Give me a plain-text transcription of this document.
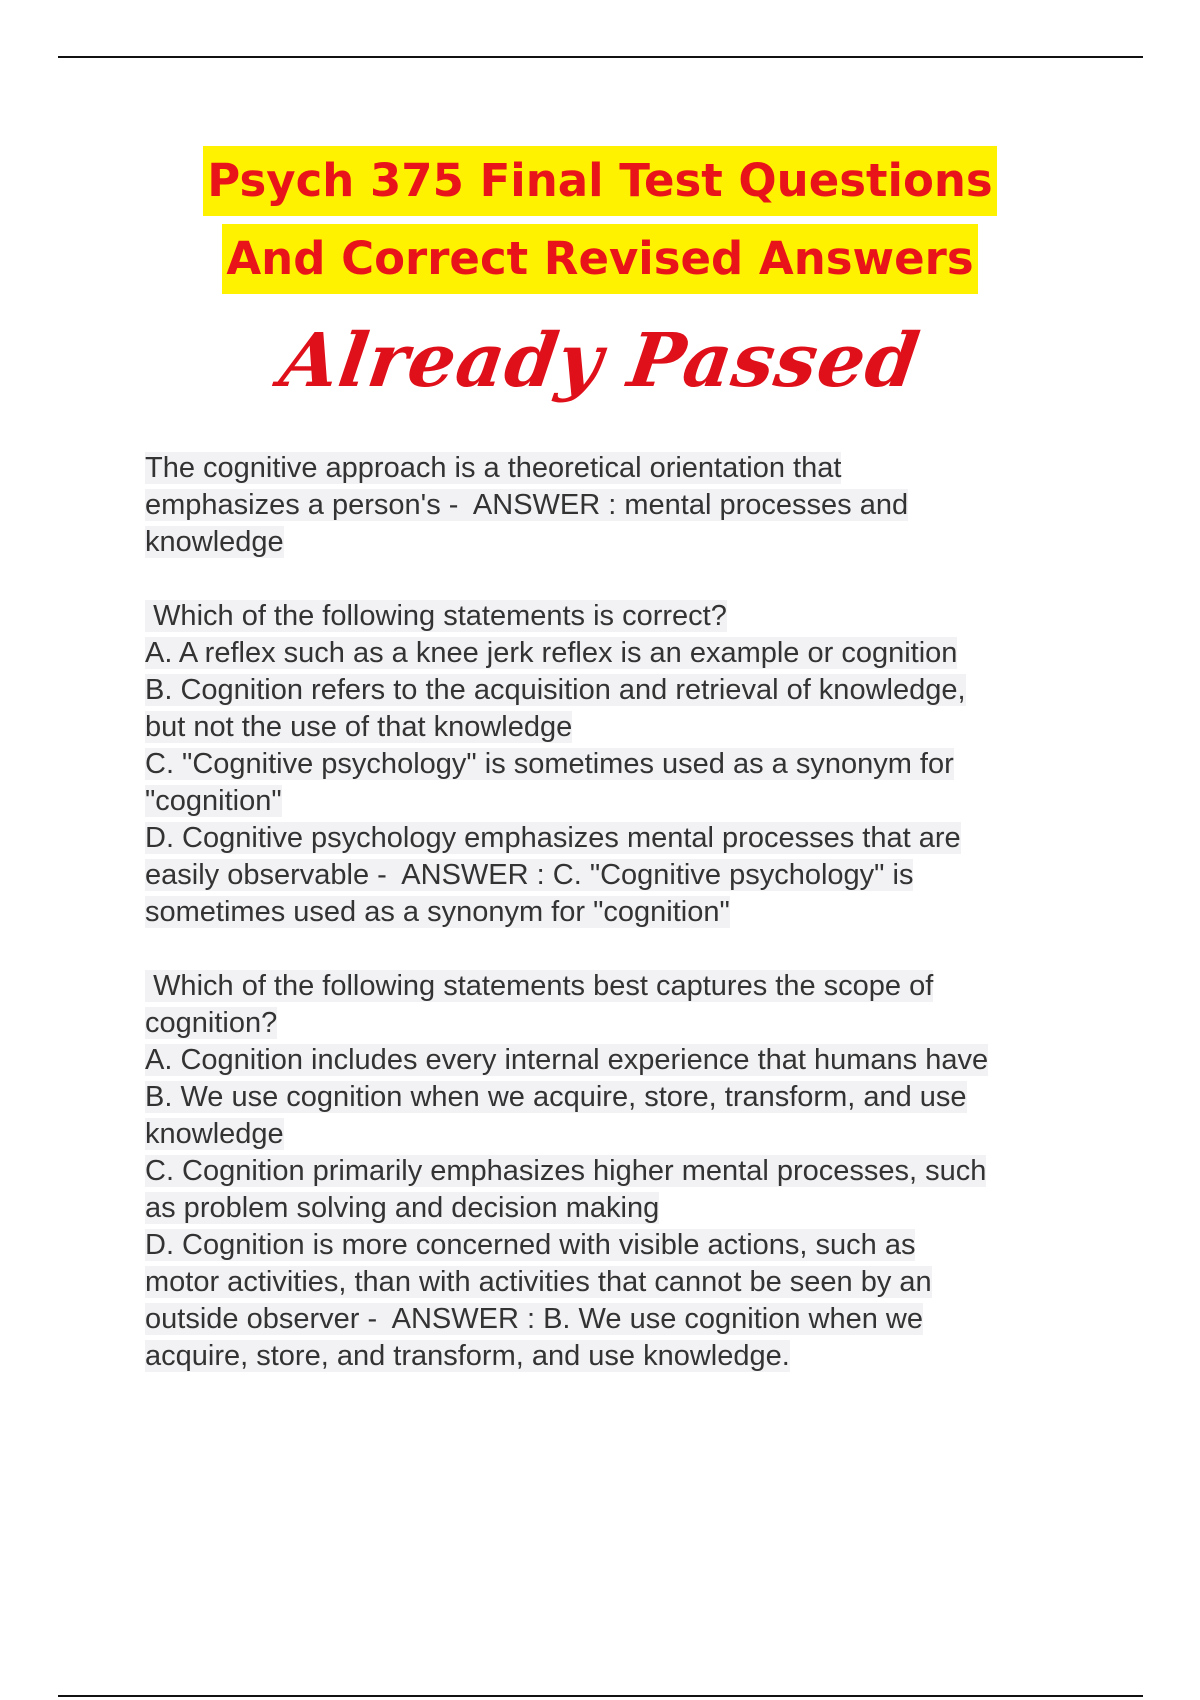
Psych 375 Final Test Questions
And Correct Revised Answers
Already Passed
The cognitive approach is a theoretical orientation that
emphasizes a person's -  ANSWER : mental processes and
knowledge
Which of the following statements is correct?
A. A reflex such as a knee jerk reflex is an example or cognition
B. Cognition refers to the acquisition and retrieval of knowledge,
but not the use of that knowledge
C. "Cognitive psychology" is sometimes used as a synonym for
"cognition"
D. Cognitive psychology emphasizes mental processes that are
easily observable -  ANSWER : C. "Cognitive psychology" is
sometimes used as a synonym for "cognition"
Which of the following statements best captures the scope of
cognition?
A. Cognition includes every internal experience that humans have
B. We use cognition when we acquire, store, transform, and use
knowledge
C. Cognition primarily emphasizes higher mental processes, such
as problem solving and decision making
D. Cognition is more concerned with visible actions, such as
motor activities, than with activities that cannot be seen by an
outside observer -  ANSWER : B. We use cognition when we
acquire, store, and transform, and use knowledge.
